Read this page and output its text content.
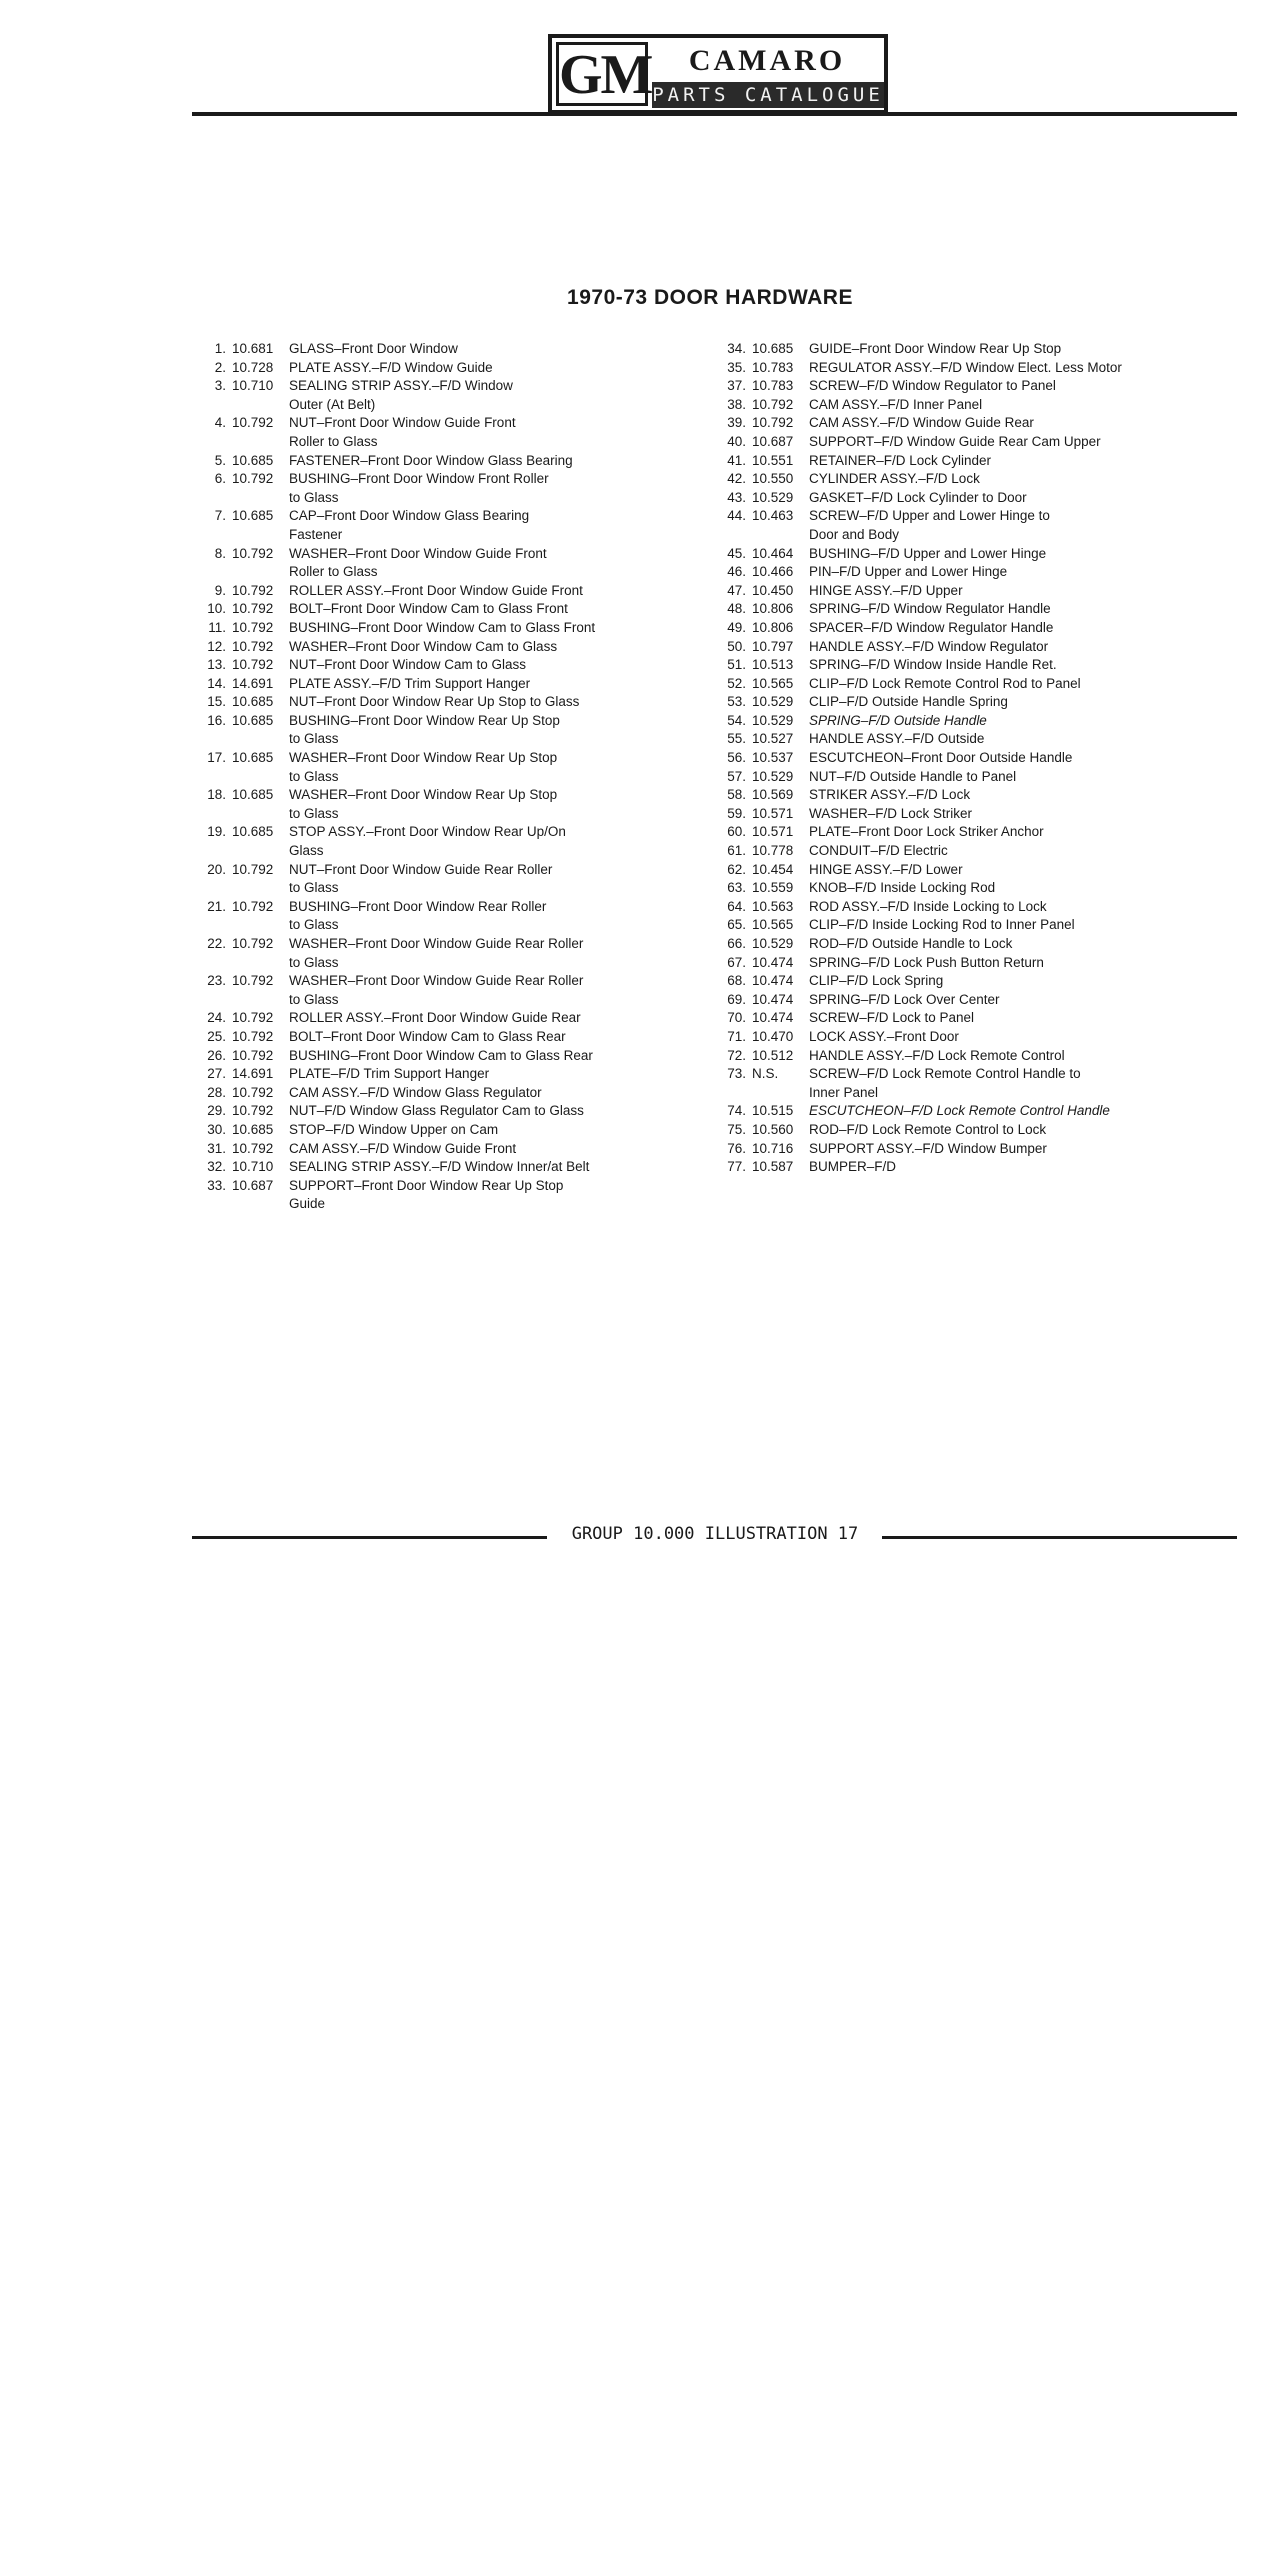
GM	CAMARO
PARTS CATALOGUE
1970-73 DOOR HARDWARE
1. 10.681	GLASS–Front Door Window
2. 10.728	PLATE ASSY.–F/D Window Guide
3. 10.710	SEALING STRIP ASSY.–F/D Window
Outer (At Belt)
4. 10.792	NUT–Front Door Window Guide Front
Roller to Glass
5. 10.685	FASTENER–Front Door Window Glass Bearing
6. 10.792	BUSHING–Front Door Window Front Roller
to Glass
7. 10.685	CAP–Front Door Window Glass Bearing
Fastener
8. 10.792	WASHER–Front Door Window Guide Front
Roller to Glass
9. 10.792	ROLLER ASSY.–Front Door Window Guide Front
10. 10.792	BOLT–Front Door Window Cam to Glass Front
11. 10.792	BUSHING–Front Door Window Cam to Glass Front
12. 10.792	WASHER–Front Door Window Cam to Glass
13. 10.792	NUT–Front Door Window Cam to Glass
14. 14.691	PLATE ASSY.–F/D Trim Support Hanger
15. 10.685	NUT–Front Door Window Rear Up Stop to Glass
16. 10.685	BUSHING–Front Door Window Rear Up Stop
to Glass
17. 10.685	WASHER–Front Door Window Rear Up Stop
to Glass
18. 10.685	WASHER–Front Door Window Rear Up Stop
to Glass
19. 10.685	STOP ASSY.–Front Door Window Rear Up/On
Glass
20. 10.792	NUT–Front Door Window Guide Rear Roller
to Glass
21. 10.792	BUSHING–Front Door Window Rear Roller
to Glass
22. 10.792	WASHER–Front Door Window Guide Rear Roller
to Glass
23. 10.792	WASHER–Front Door Window Guide Rear Roller
to Glass
24. 10.792	ROLLER ASSY.–Front Door Window Guide Rear
25. 10.792	BOLT–Front Door Window Cam to Glass Rear
26. 10.792	BUSHING–Front Door Window Cam to Glass Rear
27. 14.691	PLATE–F/D Trim Support Hanger
28. 10.792	CAM ASSY.–F/D Window Glass Regulator
29. 10.792	NUT–F/D Window Glass Regulator Cam to Glass
30. 10.685	STOP–F/D Window Upper on Cam
31. 10.792	CAM ASSY.–F/D Window Guide Front
32. 10.710	SEALING STRIP ASSY.–F/D Window Inner/at Belt
33. 10.687	SUPPORT–Front Door Window Rear Up Stop
Guide
34. 10.685	GUIDE–Front Door Window Rear Up Stop
35. 10.783	REGULATOR ASSY.–F/D Window Elect. Less Motor
37. 10.783	SCREW–F/D Window Regulator to Panel
38. 10.792	CAM ASSY.–F/D Inner Panel
39. 10.792	CAM ASSY.–F/D Window Guide Rear
40. 10.687	SUPPORT–F/D Window Guide Rear Cam Upper
41. 10.551	RETAINER–F/D Lock Cylinder
42. 10.550	CYLINDER ASSY.–F/D Lock
43. 10.529	GASKET–F/D Lock Cylinder to Door
44. 10.463	SCREW–F/D Upper and Lower Hinge to
Door and Body
45. 10.464	BUSHING–F/D Upper and Lower Hinge
46. 10.466	PIN–F/D Upper and Lower Hinge
47. 10.450	HINGE ASSY.–F/D Upper
48. 10.806	SPRING–F/D Window Regulator Handle
49. 10.806	SPACER–F/D Window Regulator Handle
50. 10.797	HANDLE ASSY.–F/D Window Regulator
51. 10.513	SPRING–F/D Window Inside Handle Ret.
52. 10.565	CLIP–F/D Lock Remote Control Rod to Panel
53. 10.529	CLIP–F/D Outside Handle Spring
54. 10.529	SPRING–F/D Outside Handle
55. 10.527	HANDLE ASSY.–F/D Outside
56. 10.537	ESCUTCHEON–Front Door Outside Handle
57. 10.529	NUT–F/D Outside Handle to Panel
58. 10.569	STRIKER ASSY.–F/D Lock
59. 10.571	WASHER–F/D Lock Striker
60. 10.571	PLATE–Front Door Lock Striker Anchor
61. 10.778	CONDUIT–F/D Electric
62. 10.454	HINGE ASSY.–F/D Lower
63. 10.559	KNOB–F/D Inside Locking Rod
64. 10.563	ROD ASSY.–F/D Inside Locking to Lock
65. 10.565	CLIP–F/D Inside Locking Rod to Inner Panel
66. 10.529	ROD–F/D Outside Handle to Lock
67. 10.474	SPRING–F/D Lock Push Button Return
68. 10.474	CLIP–F/D Lock Spring
69. 10.474	SPRING–F/D Lock Over Center
70. 10.474	SCREW–F/D Lock to Panel
71. 10.470	LOCK ASSY.–Front Door
72. 10.512	HANDLE ASSY.–F/D Lock Remote Control
73. N.S.	SCREW–F/D Lock Remote Control Handle to
Inner Panel
74. 10.515	ESCUTCHEON–F/D Lock Remote Control Handle
75. 10.560	ROD–F/D Lock Remote Control to Lock
76. 10.716	SUPPORT ASSY.–F/D Window Bumper
77. 10.587	BUMPER–F/D
GROUP 10.000 ILLUSTRATION 17
